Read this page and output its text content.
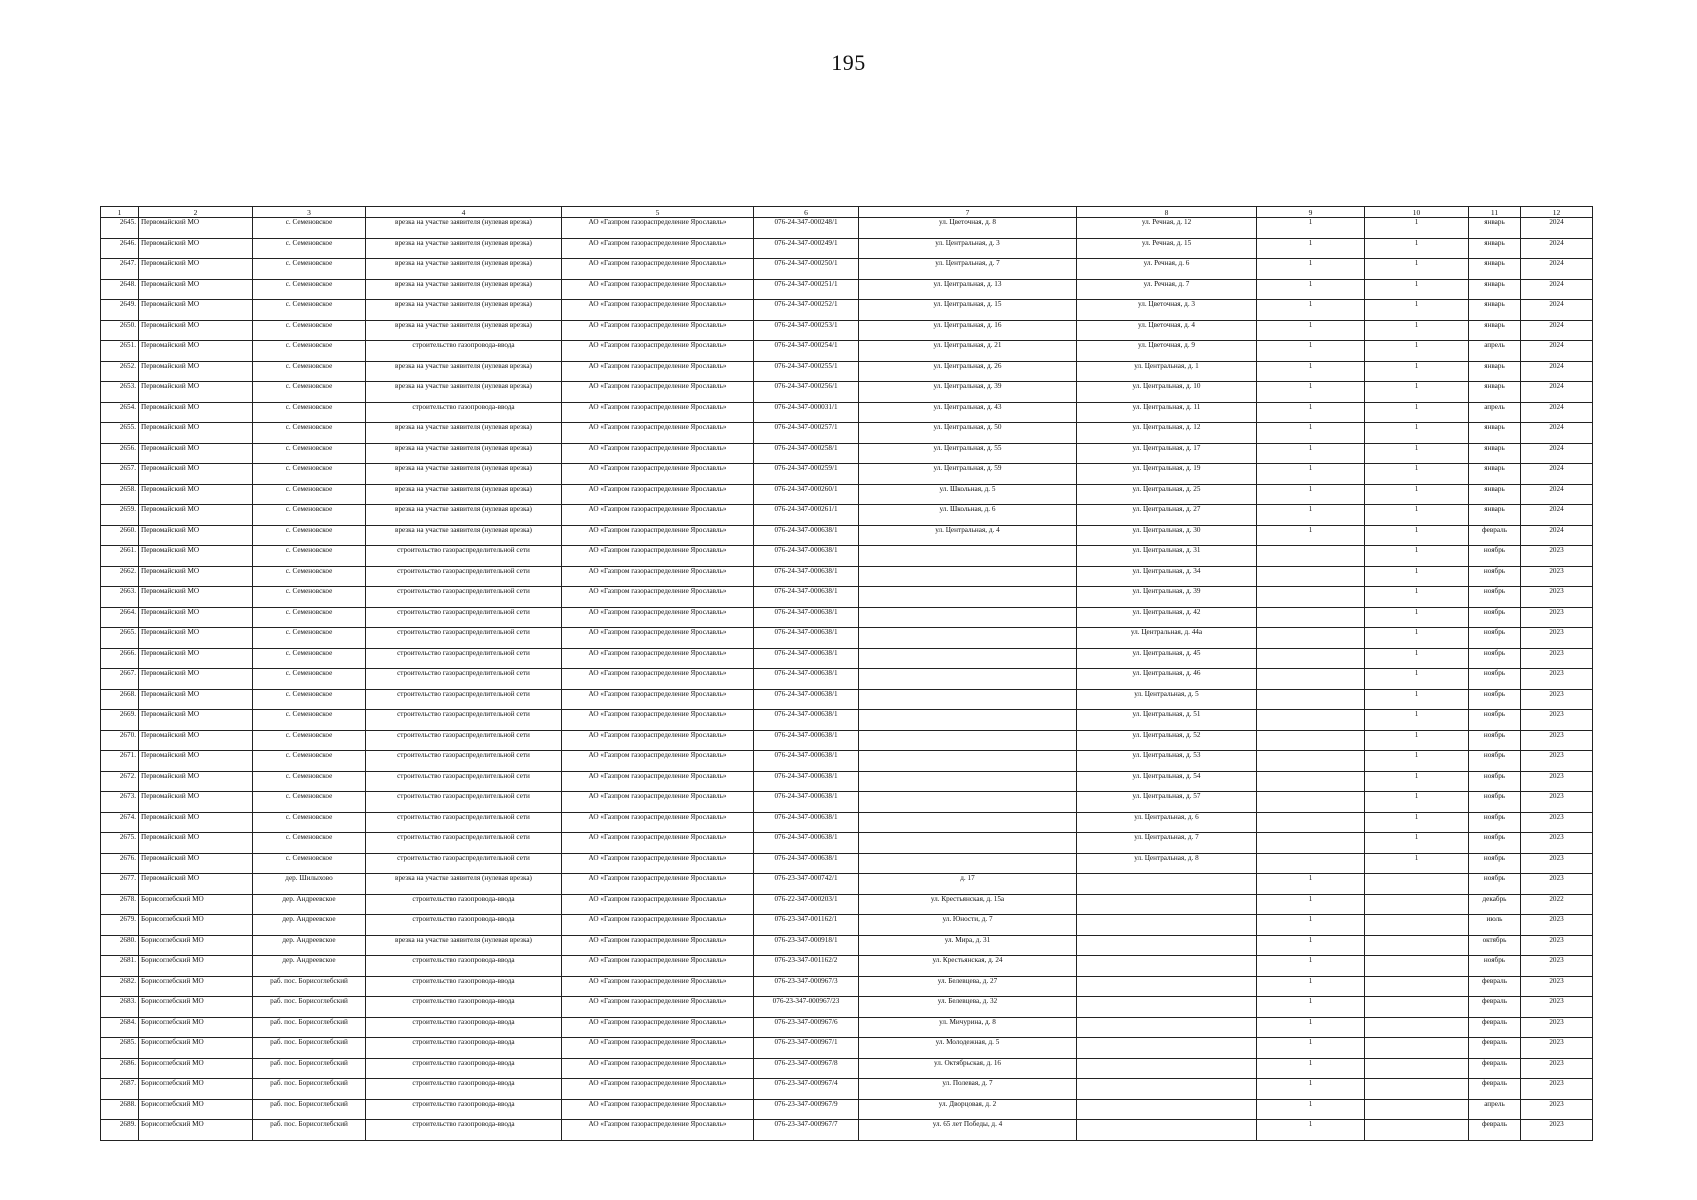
195
1	2	3	4	5	6	7	8	9	10	11	12
2645.	Первомайский МО	с. Семеновское	врезка на участке заявителя (нулевая врезка)	АО «Газпром газораспределение Ярославль»	076-24-347-000248/1	ул. Цветочная, д. 8	ул. Речная, д. 12	1	1	январь	2024
2646.	Первомайский МО	с. Семеновское	врезка на участке заявителя (нулевая врезка)	АО «Газпром газораспределение Ярославль»	076-24-347-000249/1	ул. Центральная, д. 3	ул. Речная, д. 15	1	1	январь	2024
2647.	Первомайский МО	с. Семеновское	врезка на участке заявителя (нулевая врезка)	АО «Газпром газораспределение Ярославль»	076-24-347-000250/1	ул. Центральная, д. 7	ул. Речная, д. 6	1	1	январь	2024
2648.	Первомайский МО	с. Семеновское	врезка на участке заявителя (нулевая врезка)	АО «Газпром газораспределение Ярославль»	076-24-347-000251/1	ул. Центральная, д. 13	ул. Речная, д. 7	1	1	январь	2024
2649.	Первомайский МО	с. Семеновское	врезка на участке заявителя (нулевая врезка)	АО «Газпром газораспределение Ярославль»	076-24-347-000252/1	ул. Центральная, д. 15	ул. Цветочная, д. 3	1	1	январь	2024
2650.	Первомайский МО	с. Семеновское	врезка на участке заявителя (нулевая врезка)	АО «Газпром газораспределение Ярославль»	076-24-347-000253/1	ул. Центральная, д. 16	ул. Цветочная, д. 4	1	1	январь	2024
2651.	Первомайский МО	с. Семеновское	строительство газопровода-ввода	АО «Газпром газораспределение Ярославль»	076-24-347-000254/1	ул. Центральная, д. 21	ул. Цветочная, д. 9	1	1	апрель	2024
2652.	Первомайский МО	с. Семеновское	врезка на участке заявителя (нулевая врезка)	АО «Газпром газораспределение Ярославль»	076-24-347-000255/1	ул. Центральная, д. 26	ул. Центральная, д. 1	1	1	январь	2024
2653.	Первомайский МО	с. Семеновское	врезка на участке заявителя (нулевая врезка)	АО «Газпром газораспределение Ярославль»	076-24-347-000256/1	ул. Центральная, д. 39	ул. Центральная, д. 10	1	1	январь	2024
2654.	Первомайский МО	с. Семеновское	строительство газопровода-ввода	АО «Газпром газораспределение Ярославль»	076-24-347-000031/1	ул. Центральная, д. 43	ул. Центральная, д. 11	1	1	апрель	2024
2655.	Первомайский МО	с. Семеновское	врезка на участке заявителя (нулевая врезка)	АО «Газпром газораспределение Ярославль»	076-24-347-000257/1	ул. Центральная, д. 50	ул. Центральная, д. 12	1	1	январь	2024
2656.	Первомайский МО	с. Семеновское	врезка на участке заявителя (нулевая врезка)	АО «Газпром газораспределение Ярославль»	076-24-347-000258/1	ул. Центральная, д. 55	ул. Центральная, д. 17	1	1	январь	2024
2657.	Первомайский МО	с. Семеновское	врезка на участке заявителя (нулевая врезка)	АО «Газпром газораспределение Ярославль»	076-24-347-000259/1	ул. Центральная, д. 59	ул. Центральная, д. 19	1	1	январь	2024
2658.	Первомайский МО	с. Семеновское	врезка на участке заявителя (нулевая врезка)	АО «Газпром газораспределение Ярославль»	076-24-347-000260/1	ул. Школьная, д. 5	ул. Центральная, д. 25	1	1	январь	2024
2659.	Первомайский МО	с. Семеновское	врезка на участке заявителя (нулевая врезка)	АО «Газпром газораспределение Ярославль»	076-24-347-000261/1	ул. Школьная, д. 6	ул. Центральная, д. 27	1	1	январь	2024
2660.	Первомайский МО	с. Семеновское	врезка на участке заявителя (нулевая врезка)	АО «Газпром газораспределение Ярославль»	076-24-347-000638/1	ул. Центральная, д. 4	ул. Центральная, д. 30	1	1	февраль	2024
2661.	Первомайский МО	с. Семеновское	строительство газораспределительной сети	АО «Газпром газораспределение Ярославль»	076-24-347-000638/1		ул. Центральная, д. 31		1	ноябрь	2023
2662.	Первомайский МО	с. Семеновское	строительство газораспределительной сети	АО «Газпром газораспределение Ярославль»	076-24-347-000638/1		ул. Центральная, д. 34		1	ноябрь	2023
2663.	Первомайский МО	с. Семеновское	строительство газораспределительной сети	АО «Газпром газораспределение Ярославль»	076-24-347-000638/1		ул. Центральная, д. 39		1	ноябрь	2023
2664.	Первомайский МО	с. Семеновское	строительство газораспределительной сети	АО «Газпром газораспределение Ярославль»	076-24-347-000638/1		ул. Центральная, д. 42		1	ноябрь	2023
2665.	Первомайский МО	с. Семеновское	строительство газораспределительной сети	АО «Газпром газораспределение Ярославль»	076-24-347-000638/1		ул. Центральная, д. 44а		1	ноябрь	2023
2666.	Первомайский МО	с. Семеновское	строительство газораспределительной сети	АО «Газпром газораспределение Ярославль»	076-24-347-000638/1		ул. Центральная, д. 45		1	ноябрь	2023
2667.	Первомайский МО	с. Семеновское	строительство газораспределительной сети	АО «Газпром газораспределение Ярославль»	076-24-347-000638/1		ул. Центральная, д. 46		1	ноябрь	2023
2668.	Первомайский МО	с. Семеновское	строительство газораспределительной сети	АО «Газпром газораспределение Ярославль»	076-24-347-000638/1		ул. Центральная, д. 5		1	ноябрь	2023
2669.	Первомайский МО	с. Семеновское	строительство газораспределительной сети	АО «Газпром газораспределение Ярославль»	076-24-347-000638/1		ул. Центральная, д. 51		1	ноябрь	2023
2670.	Первомайский МО	с. Семеновское	строительство газораспределительной сети	АО «Газпром газораспределение Ярославль»	076-24-347-000638/1		ул. Центральная, д. 52		1	ноябрь	2023
2671.	Первомайский МО	с. Семеновское	строительство газораспределительной сети	АО «Газпром газораспределение Ярославль»	076-24-347-000638/1		ул. Центральная, д. 53		1	ноябрь	2023
2672.	Первомайский МО	с. Семеновское	строительство газораспределительной сети	АО «Газпром газораспределение Ярославль»	076-24-347-000638/1		ул. Центральная, д. 54		1	ноябрь	2023
2673.	Первомайский МО	с. Семеновское	строительство газораспределительной сети	АО «Газпром газораспределение Ярославль»	076-24-347-000638/1		ул. Центральная, д. 57		1	ноябрь	2023
2674.	Первомайский МО	с. Семеновское	строительство газораспределительной сети	АО «Газпром газораспределение Ярославль»	076-24-347-000638/1		ул. Центральная, д. 6		1	ноябрь	2023
2675.	Первомайский МО	с. Семеновское	строительство газораспределительной сети	АО «Газпром газораспределение Ярославль»	076-24-347-000638/1		ул. Центральная, д. 7		1	ноябрь	2023
2676.	Первомайский МО	с. Семеновское	строительство газораспределительной сети	АО «Газпром газораспределение Ярославль»	076-24-347-000638/1		ул. Центральная, д. 8		1	ноябрь	2023
2677.	Первомайский МО	дер. Шилыхово	врезка на участке заявителя (нулевая врезка)	АО «Газпром газораспределение Ярославль»	076-23-347-000742/1	д. 17		1		ноябрь	2023
2678.	Борисоглебский МО	дер. Андреевское	строительство газопровода-ввода	АО «Газпром газораспределение Ярославль»	076-22-347-000203/1	ул. Крестьянская, д. 15а		1		декабрь	2022
2679.	Борисоглебский МО	дер. Андреевское	строительство газопровода-ввода	АО «Газпром газораспределение Ярославль»	076-23-347-001162/1	ул. Юности, д. 7		1		июль	2023
2680.	Борисоглебский МО	дер. Андреевское	врезка на участке заявителя (нулевая врезка)	АО «Газпром газораспределение Ярославль»	076-23-347-000918/1	ул. Мира, д. 31		1		октябрь	2023
2681.	Борисоглебский МО	дер. Андреевское	строительство газопровода-ввода	АО «Газпром газораспределение Ярославль»	076-23-347-001162/2	ул. Крестьянская, д. 24		1		ноябрь	2023
2682.	Борисоглебский МО	раб. пос. Борисоглебский	строительство газопровода-ввода	АО «Газпром газораспределение Ярославль»	076-23-347-000967/3	ул. Белевцева, д. 27		1		февраль	2023
2683.	Борисоглебский МО	раб. пос. Борисоглебский	строительство газопровода-ввода	АО «Газпром газораспределение Ярославль»	076-23-347-000967/23	ул. Белевцева, д. 32		1		февраль	2023
2684.	Борисоглебский МО	раб. пос. Борисоглебский	строительство газопровода-ввода	АО «Газпром газораспределение Ярославль»	076-23-347-000967/6	ул. Мичурина, д. 8		1		февраль	2023
2685.	Борисоглебский МО	раб. пос. Борисоглебский	строительство газопровода-ввода	АО «Газпром газораспределение Ярославль»	076-23-347-000967/1	ул. Молодежная, д. 5		1		февраль	2023
2686.	Борисоглебский МО	раб. пос. Борисоглебский	строительство газопровода-ввода	АО «Газпром газораспределение Ярославль»	076-23-347-000967/8	ул. Октябрьская, д. 16		1		февраль	2023
2687.	Борисоглебский МО	раб. пос. Борисоглебский	строительство газопровода-ввода	АО «Газпром газораспределение Ярославль»	076-23-347-000967/4	ул. Полевая, д. 7		1		февраль	2023
2688.	Борисоглебский МО	раб. пос. Борисоглебский	строительство газопровода-ввода	АО «Газпром газораспределение Ярославль»	076-23-347-000967/9	ул. Дворцовая, д. 2		1		апрель	2023
2689.	Борисоглебский МО	раб. пос. Борисоглебский	строительство газопровода-ввода	АО «Газпром газораспределение Ярославль»	076-23-347-000967/7	ул. 65 лет Победы, д. 4		1		февраль	2023
